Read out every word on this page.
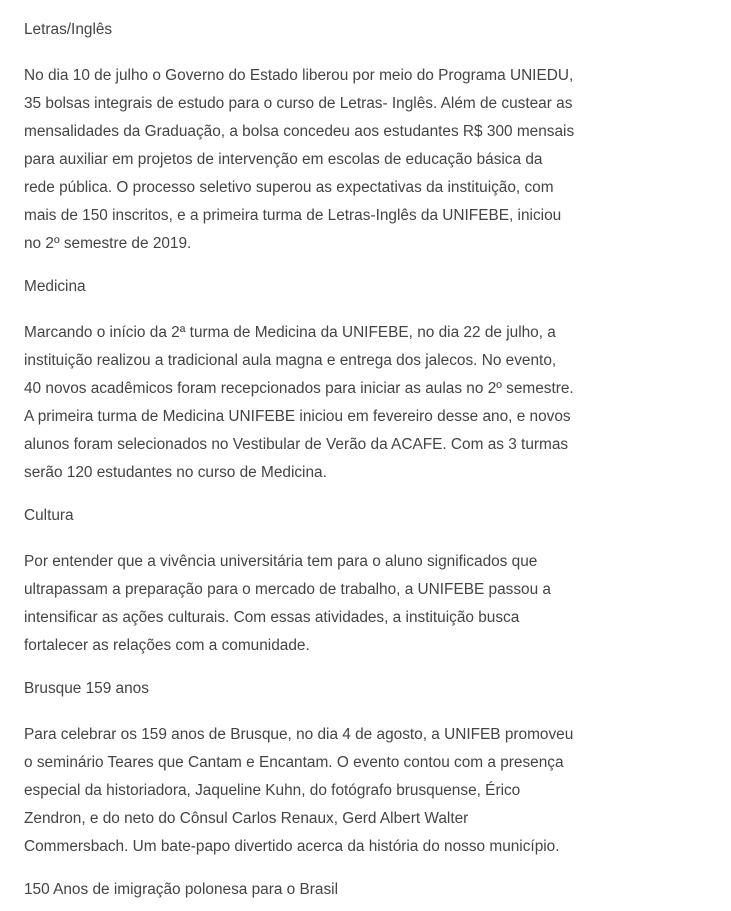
Letras/Inglês
No dia 10 de julho o Governo do Estado liberou por meio do Programa UNIEDU,
35 bolsas integrais de estudo para o curso de Letras- Inglês. Além de custear as
mensalidades da Graduação, a bolsa concedeu aos estudantes R$ 300 mensais
para auxiliar em projetos de intervenção em escolas de educação básica da
rede pública. O processo seletivo superou as expectativas da instituição, com
mais de 150 inscritos, e a primeira turma de Letras-Inglês da UNIFEBE, iniciou
no 2º semestre de 2019.
Medicina
Marcando o início da 2ª turma de Medicina da UNIFEBE, no dia 22 de julho, a
instituição realizou a tradicional aula magna e entrega dos jalecos. No evento,
40 novos acadêmicos foram recepcionados para iniciar as aulas no 2º semestre.
A primeira turma de Medicina UNIFEBE iniciou em fevereiro desse ano, e novos
alunos foram selecionados no Vestibular de Verão da ACAFE. Com as 3 turmas
serão 120 estudantes no curso de Medicina.
Cultura
Por entender que a vivência universitária tem para o aluno significados que
ultrapassam a preparação para o mercado de trabalho, a UNIFEBE passou a
intensificar as ações culturais. Com essas atividades, a instituição busca
fortalecer as relações com a comunidade.
Brusque 159 anos
Para celebrar os 159 anos de Brusque, no dia 4 de agosto, a UNIFEB promoveu
o seminário Teares que Cantam e Encantam. O evento contou com a presença
especial da historiadora, Jaqueline Kuhn, do fotógrafo brusquense, Érico
Zendron, e do neto do Cônsul Carlos Renaux, Gerd Albert Walter
Commersbach. Um bate-papo divertido acerca da história do nosso município.
150 Anos de imigração polonesa para o Brasil
